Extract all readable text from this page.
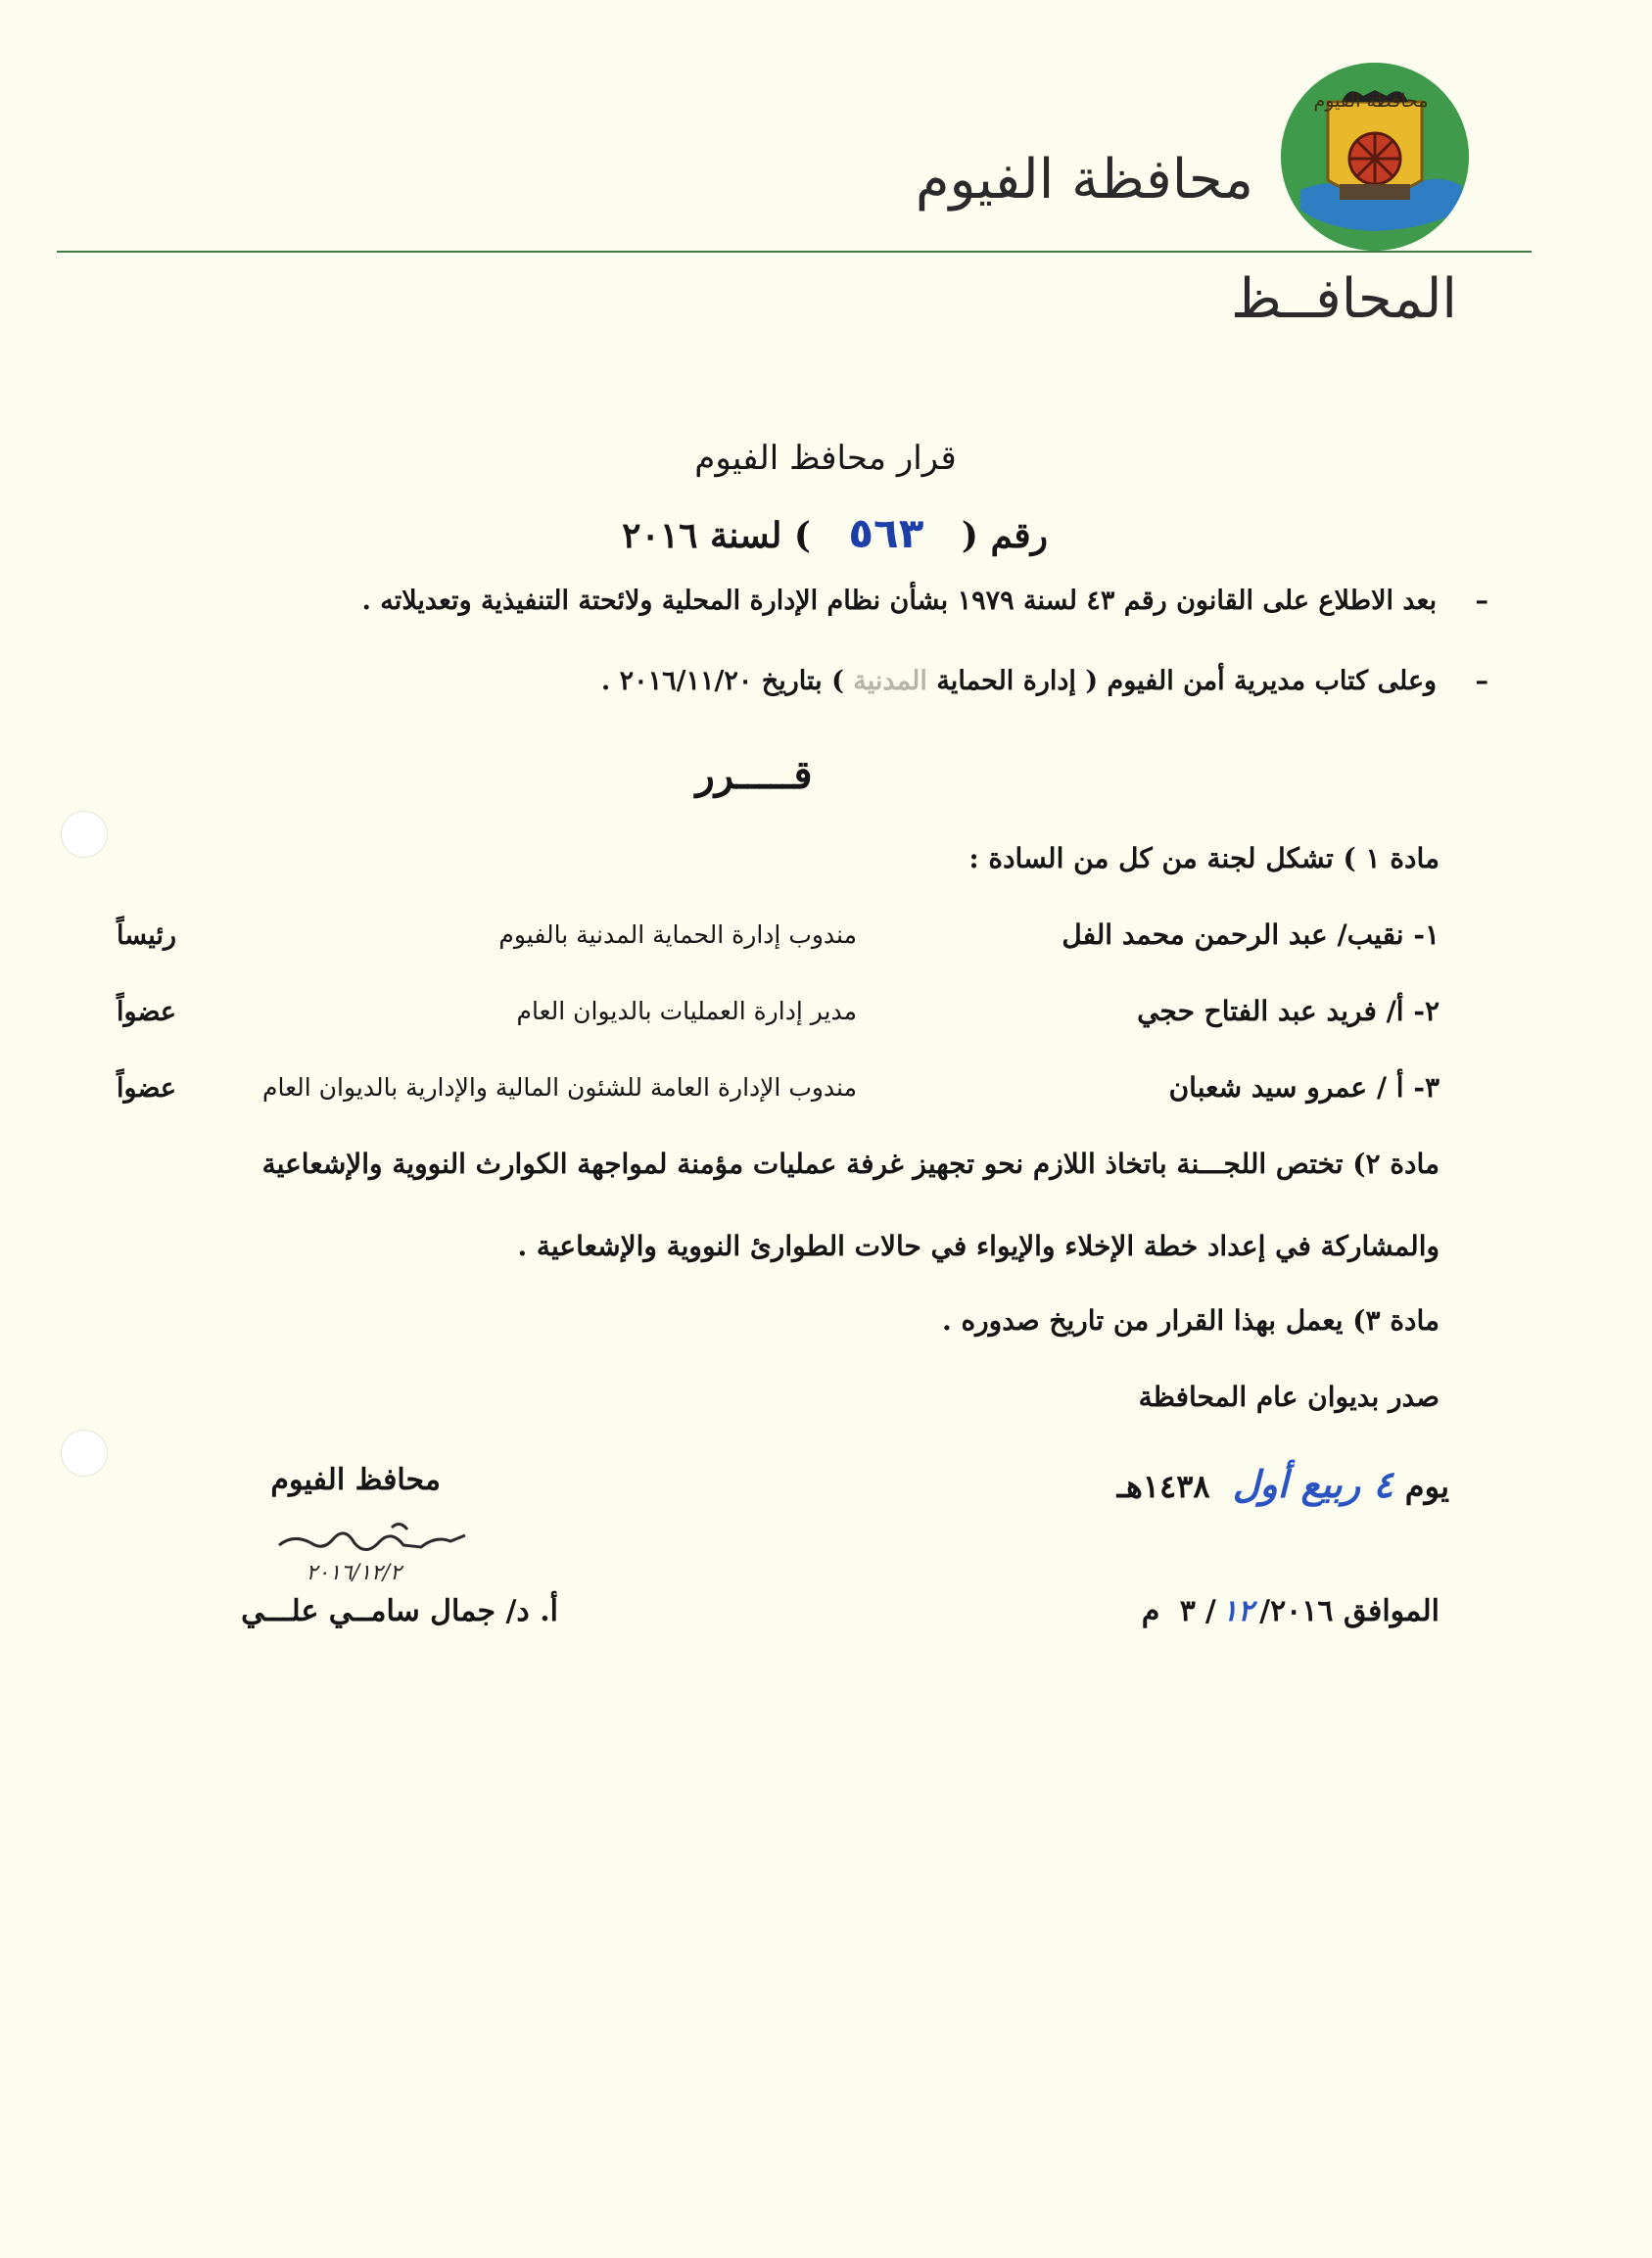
محافظة الفيوم
محافظة الفيوم
المحافــظ
قرار محافظ الفيوم
رقم ( ٥٦٣ ) لسنة ٢٠١٦
– بعد الاطلاع على القانون رقم ٤٣ لسنة ١٩٧٩ بشأن نظام الإدارة المحلية ولائحتة التنفيذية وتعديلاته .
– وعلى كتاب مديرية أمن الفيوم ( إدارة الحماية المدنية ) بتاريخ ٢٠١٦/١١/٢٠ .
قـــــرر
مادة ١ ) تشكل لجنة من كل من السادة :
١- نقيب/ عبد الرحمن محمد الفل
مندوب إدارة الحماية المدنية بالفيوم
رئيساً
٢- أ/ فريد عبد الفتاح حجي
مدير إدارة العمليات بالديوان العام
عضواً
٣- أ / عمرو سيد شعبان
مندوب الإدارة العامة للشئون المالية والإدارية بالديوان العام
عضواً
مادة ٢) تختص اللجـــنة باتخاذ اللازم نحو تجهيز غرفة عمليات مؤمنة لمواجهة الكوارث النووية والإشعاعية
والمشاركة في إعداد خطة الإخلاء والإيواء في حالات الطوارئ النووية والإشعاعية .
مادة ٣) يعمل بهذا القرار من تاريخ صدوره .
صدر بديوان عام المحافظة
يوم٤ ربيع أول ١٤٣٨هـ
الموافق ٣ / ١٢/٢٠١٦ م
محافظ الفيوم
٢٠١٦/١٢/٢
أ. د/ جمال سامــي علـــي
